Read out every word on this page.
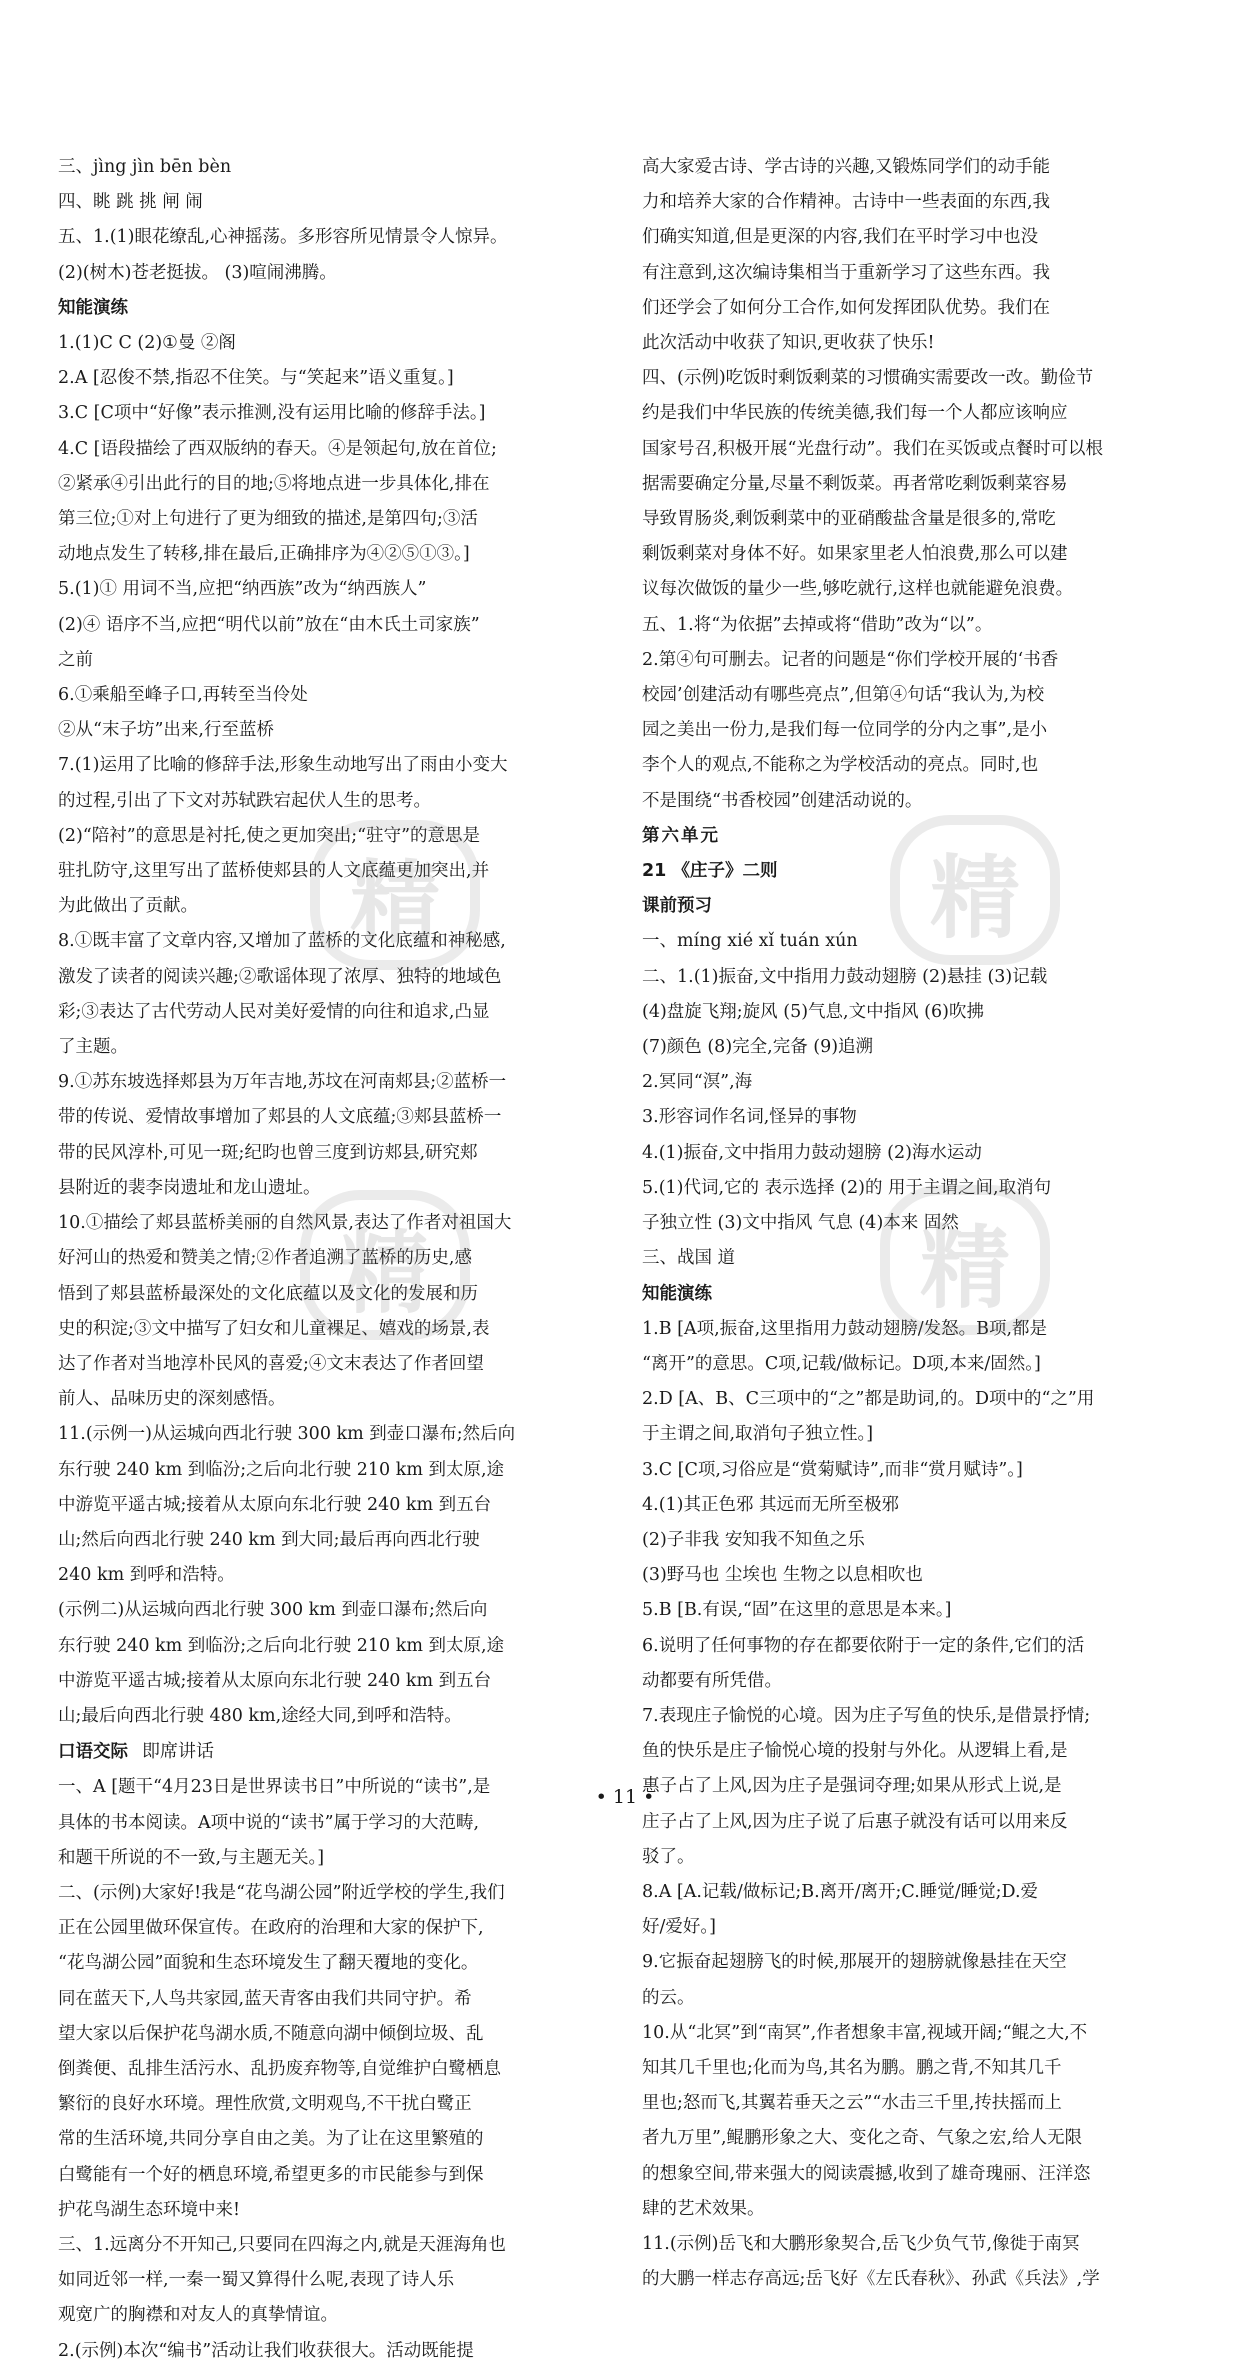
三、jìng jìn bēn bèn

四、眺 跳 挑 闸 闹

五、1.(1)眼花缭乱,心神摇荡。多形容所见情景令人惊异。

(2)(树木)苍老挺拔。 (3)喧闹沸腾。

知能演练

1.(1)C C (2)①曼 ②阁

2.A [忍俊不禁,指忍不住笑。与“笑起来”语义重复。]

3.C [C项中“好像”表示推测,没有运用比喻的修辞手法。]

4.C [语段描绘了西双版纳的春天。④是领起句,放在首位;

②紧承④引出此行的目的地;⑤将地点进一步具体化,排在

第三位;①对上句进行了更为细致的描述,是第四句;③活

动地点发生了转移,排在最后,正确排序为④②⑤①③。]

5.(1)① 用词不当,应把“纳西族”改为“纳西族人”

(2)④ 语序不当,应把“明代以前”放在“由木氏土司家族”

之前

6.①乘船至峰子口,再转至当伶处

②从“末子坊”出来,行至蓝桥

7.(1)运用了比喻的修辞手法,形象生动地写出了雨由小变大

的过程,引出了下文对苏轼跌宕起伏人生的思考。

(2)“陪衬”的意思是衬托,使之更加突出;“驻守”的意思是

驻扎防守,这里写出了蓝桥使郏县的人文底蕴更加突出,并

为此做出了贡献。

8.①既丰富了文章内容,又增加了蓝桥的文化底蕴和神秘感,

激发了读者的阅读兴趣;②歌谣体现了浓厚、独特的地域色

彩;③表达了古代劳动人民对美好爱情的向往和追求,凸显

了主题。

9.①苏东坡选择郏县为万年吉地,苏坟在河南郏县;②蓝桥一

带的传说、爱情故事增加了郏县的人文底蕴;③郏县蓝桥一

带的民风淳朴,可见一斑;纪昀也曾三度到访郏县,研究郏

县附近的裴李岗遗址和龙山遗址。

10.①描绘了郏县蓝桥美丽的自然风景,表达了作者对祖国大

好河山的热爱和赞美之情;②作者追溯了蓝桥的历史,感

悟到了郏县蓝桥最深处的文化底蕴以及文化的发展和历

史的积淀;③文中描写了妇女和儿童裸足、嬉戏的场景,表

达了作者对当地淳朴民风的喜爱;④文末表达了作者回望

前人、品味历史的深刻感悟。

11.(示例一)从运城向西北行驶 300 km 到壶口瀑布;然后向

东行驶 240 km 到临汾;之后向北行驶 210 km 到太原,途

中游览平遥古城;接着从太原向东北行驶 240 km 到五台

山;然后向西北行驶 240 km 到大同;最后再向西北行驶

240 km 到呼和浩特。

(示例二)从运城向西北行驶 300 km 到壶口瀑布;然后向

东行驶 240 km 到临汾;之后向北行驶 210 km 到太原,途

中游览平遥古城;接着从太原向东北行驶 240 km 到五台

山;最后向西北行驶 480 km,途经大同,到呼和浩特。

口语交际 即席讲话

一、A [题干“4月23日是世界读书日”中所说的“读书”,是

具体的书本阅读。A项中说的“读书”属于学习的大范畴,

和题干所说的不一致,与主题无关。]

二、(示例)大家好!我是“花鸟湖公园”附近学校的学生,我们

正在公园里做环保宣传。在政府的治理和大家的保护下,

“花鸟湖公园”面貌和生态环境发生了翻天覆地的变化。

同在蓝天下,人鸟共家园,蓝天青客由我们共同守护。希

望大家以后保护花鸟湖水质,不随意向湖中倾倒垃圾、乱

倒粪便、乱排生活污水、乱扔废弃物等,自觉维护白鹭栖息

繁衍的良好水环境。理性欣赏,文明观鸟,不干扰白鹭正

常的生活环境,共同分享自由之美。为了让在这里繁殖的

白鹭能有一个好的栖息环境,希望更多的市民能参与到保

护花鸟湖生态环境中来!

三、1.远离分不开知己,只要同在四海之内,就是天涯海角也

如同近邻一样,一秦一蜀又算得什么呢,表现了诗人乐

观宽广的胸襟和对友人的真挚情谊。

2.(示例)本次“编书”活动让我们收获很大。活动既能提

高大家爱古诗、学古诗的兴趣,又锻炼同学们的动手能

力和培养大家的合作精神。古诗中一些表面的东西,我

们确实知道,但是更深的内容,我们在平时学习中也没

有注意到,这次编诗集相当于重新学习了这些东西。我

们还学会了如何分工合作,如何发挥团队优势。我们在

此次活动中收获了知识,更收获了快乐!

四、(示例)吃饭时剩饭剩菜的习惯确实需要改一改。勤俭节

约是我们中华民族的传统美德,我们每一个人都应该响应

国家号召,积极开展“光盘行动”。我们在买饭或点餐时可以根

据需要确定分量,尽量不剩饭菜。再者常吃剩饭剩菜容易

导致胃肠炎,剩饭剩菜中的亚硝酸盐含量是很多的,常吃

剩饭剩菜对身体不好。如果家里老人怕浪费,那么可以建

议每次做饭的量少一些,够吃就行,这样也就能避免浪费。

五、1.将“为依据”去掉或将“借助”改为“以”。

2.第④句可删去。记者的问题是“你们学校开展的‘书香

校园’创建活动有哪些亮点”,但第④句话“我认为,为校

园之美出一份力,是我们每一位同学的分内之事”,是小

李个人的观点,不能称之为学校活动的亮点。同时,也

不是围绕“书香校园”创建活动说的。

第六单元

21 《庄子》二则

课前预习

一、míng xié xǐ tuán xún

二、1.(1)振奋,文中指用力鼓动翅膀 (2)悬挂 (3)记载

(4)盘旋飞翔;旋风 (5)气息,文中指风 (6)吹拂

(7)颜色 (8)完全,完备 (9)追溯

2.冥同“溟”,海

3.形容词作名词,怪异的事物

4.(1)振奋,文中指用力鼓动翅膀 (2)海水运动

5.(1)代词,它的 表示选择 (2)的 用于主谓之间,取消句

子独立性 (3)文中指风 气息 (4)本来 固然

三、战国 道

知能演练

1.B [A项,振奋,这里指用力鼓动翅膀/发怒。B项,都是

“离开”的意思。C项,记载/做标记。D项,本来/固然。]

2.D [A、B、C三项中的“之”都是助词,的。D项中的“之”用

于主谓之间,取消句子独立性。]

3.C [C项,习俗应是“赏菊赋诗”,而非“赏月赋诗”。]

4.(1)其正色邪 其远而无所至极邪

(2)子非我 安知我不知鱼之乐

(3)野马也 尘埃也 生物之以息相吹也

5.B [B.有误,“固”在这里的意思是本来。]

6.说明了任何事物的存在都要依附于一定的条件,它们的活

动都要有所凭借。

7.表现庄子愉悦的心境。因为庄子写鱼的快乐,是借景抒情;

鱼的快乐是庄子愉悦心境的投射与外化。从逻辑上看,是

惠子占了上风,因为庄子是强词夺理;如果从形式上说,是

庄子占了上风,因为庄子说了后惠子就没有话可以用来反

驳了。

8.A [A.记载/做标记;B.离开/离开;C.睡觉/睡觉;D.爱

好/爱好。]

9.它振奋起翅膀飞的时候,那展开的翅膀就像悬挂在天空

的云。

10.从“北冥”到“南冥”,作者想象丰富,视域开阔;“鲲之大,不

知其几千里也;化而为鸟,其名为鹏。鹏之背,不知其几千

里也;怒而飞,其翼若垂天之云”“水击三千里,抟扶摇而上

者九万里”,鲲鹏形象之大、变化之奇、气象之宏,给人无限

的想象空间,带来强大的阅读震撼,收到了雄奇瑰丽、汪洋恣

肆的艺术效果。

11.(示例)岳飞和大鹏形象契合,岳飞少负气节,像徙于南冥

的大鹏一样志存高远;岳飞好《左氏春秋》、孙武《兵法》,学

精	精
精	精
• 11 •
